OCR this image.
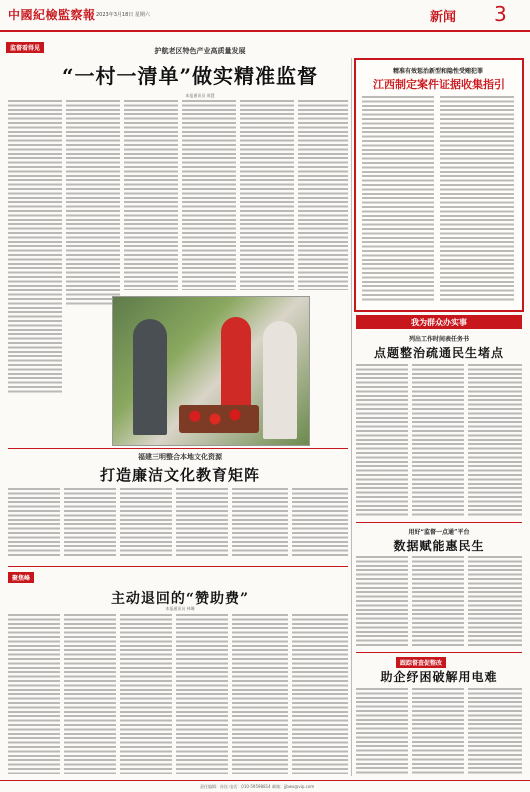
中國紀檢監察報 2023年3月18日 星期六	新闻 3
监督看得见	护航老区特色产业高质量发展
“一村一清单”做实精准监督
本报通讯员 周慧
精准有效惩治新型和隐性受贿犯罪
江西制定案件证据收集指引
我为群众办实事
列出工作时间表任务书
点题整治疏通民生堵点
用好“监督一点通”平台
数据赋能惠民生
跟踪督查促整改
助企纾困破解用电难
福建三明整合本地文化资源
打造廉洁文化教育矩阵
聚焦峰
主动退回的“赞助费”
本报通讯员 林琳
责任编辑：孙钰 电话：010-59598814 邮箱：jjbwx@vip.com
